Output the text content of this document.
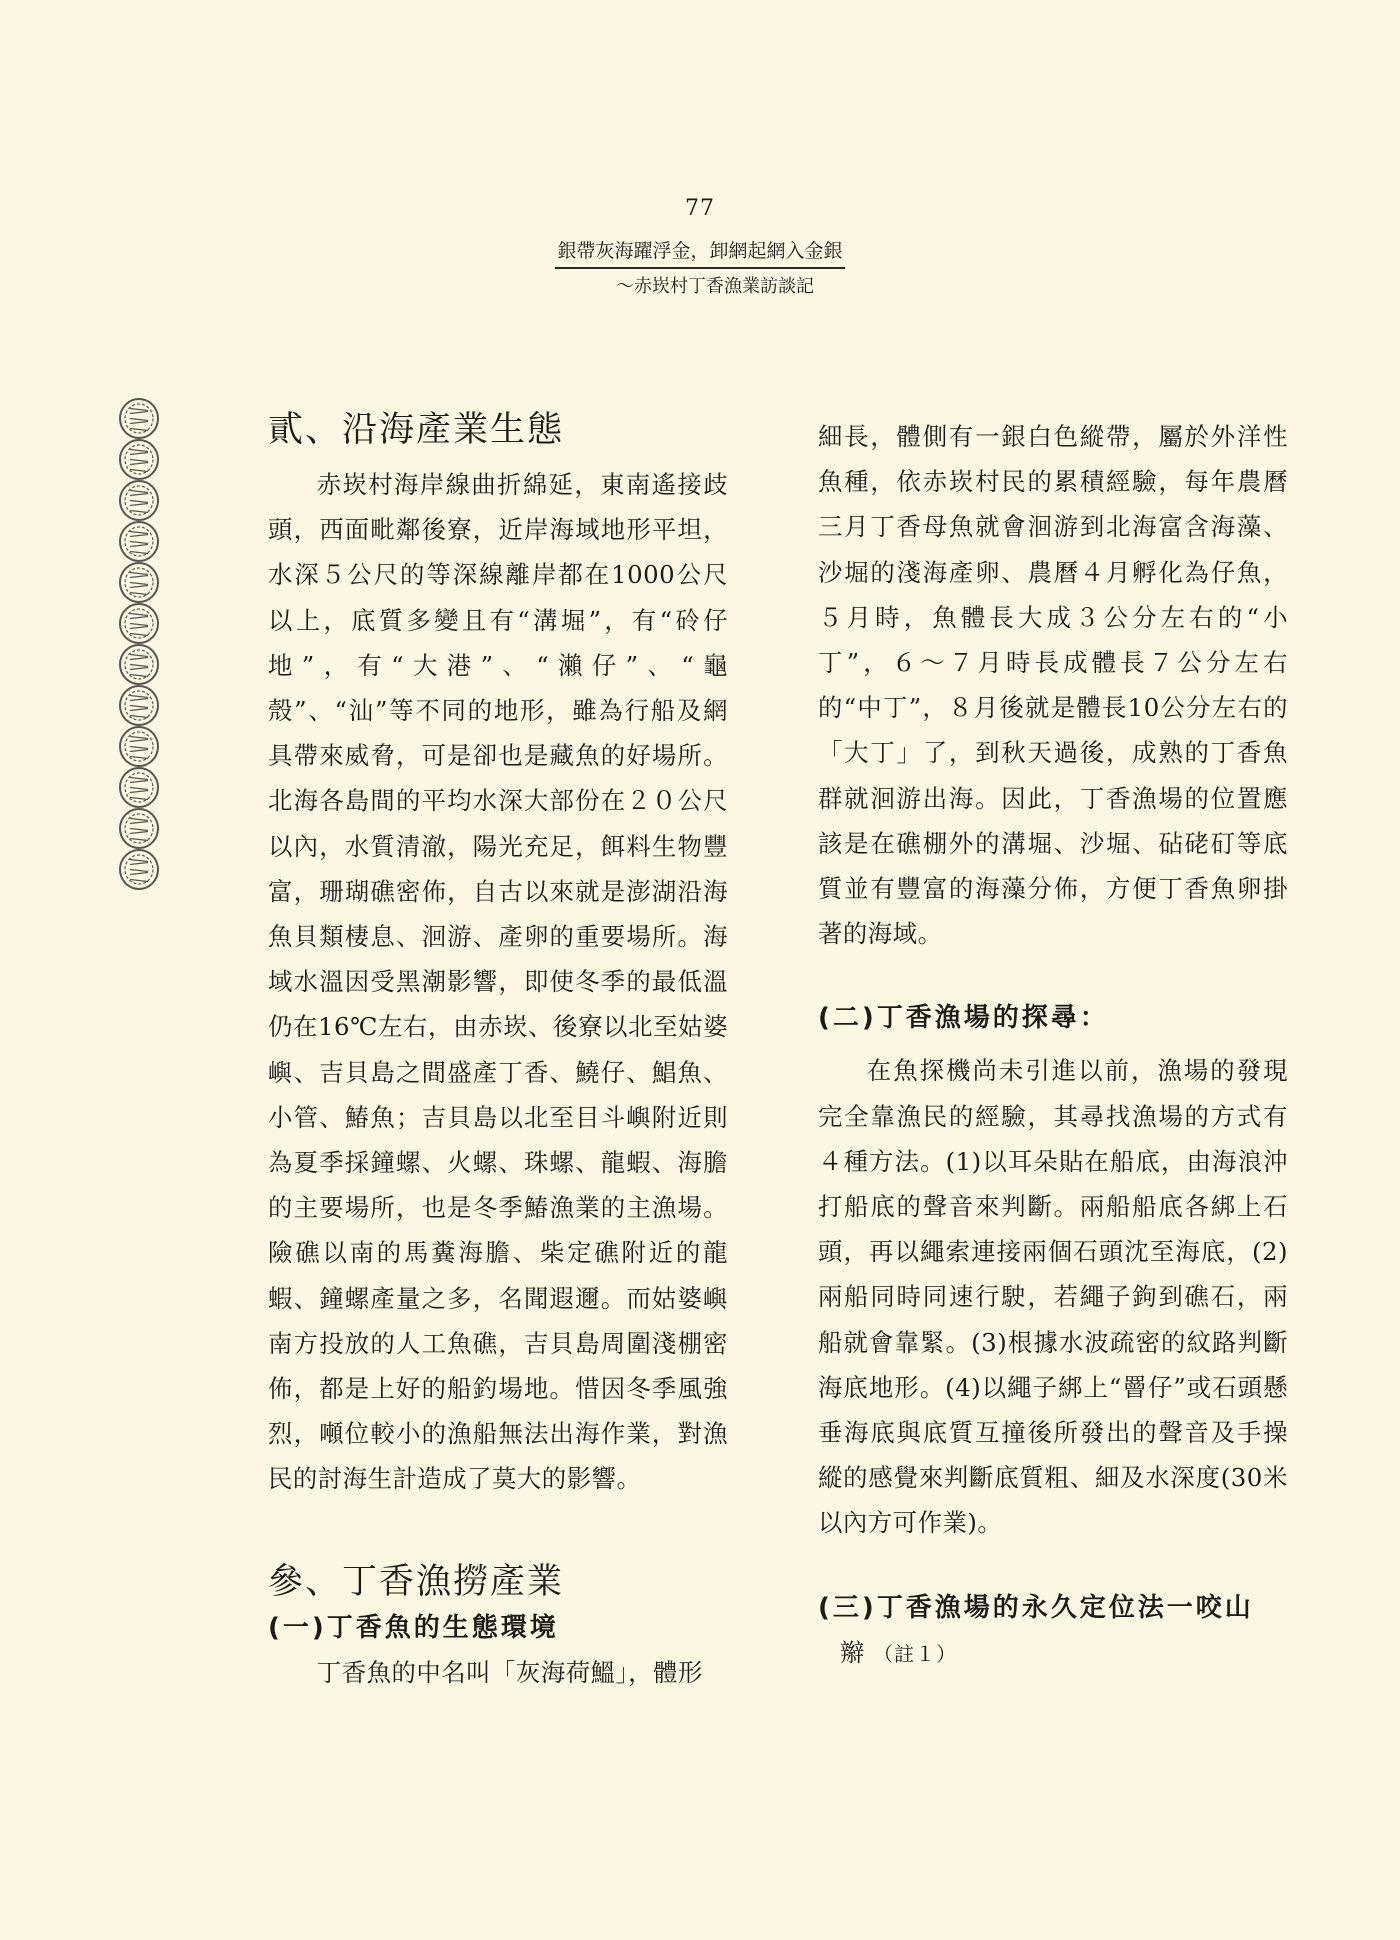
77
銀帶灰海躍浮金，卸網起網入金銀
～赤崁村丁香漁業訪談記
貳、沿海產業生態

赤崁村海岸線曲折綿延，東南遙接歧頭，西面毗鄰後寮，近岸海域地形平坦，水深５公尺的等深線離岸都在1000公尺以上，底質多變且有“溝堀”，有“砱仔地”，有“大港”、“瀨仔”、“龜殼”、“汕”等不同的地形，雖為行船及網具帶來威脅，可是卻也是藏魚的好場所。北海各島間的平均水深大部份在２０公尺以內，水質清澈，陽光充足，餌料生物豐富，珊瑚礁密佈，自古以來就是澎湖沿海魚貝類棲息、洄游、產卵的重要場所。海域水溫因受黑潮影響，即使冬季的最低溫仍在16℃左右，由赤崁、後寮以北至姑婆嶼、吉貝島之間盛產丁香、鱙仔、鯧魚、小管、鰆魚；吉貝島以北至目斗嶼附近則為夏季採鐘螺、火螺、珠螺、龍蝦、海膽的主要場所，也是冬季鰆漁業的主漁場。險礁以南的馬糞海膽、柴定礁附近的龍蝦、鐘螺產量之多，名聞遐邇。而姑婆嶼南方投放的人工魚礁，吉貝島周圍淺棚密佈，都是上好的船釣場地。惜因冬季風強烈，噸位較小的漁船無法出海作業，對漁民的討海生計造成了莫大的影響。

參、丁香漁撈產業
(一)丁香魚的生態環境

丁香魚的中名叫「灰海荷鰮」，體形

細長，體側有一銀白色縱帶，屬於外洋性魚種，依赤崁村民的累積經驗，每年農曆三月丁香母魚就會洄游到北海富含海藻、沙堀的淺海產卵、農曆４月孵化為仔魚，５月時，魚體長大成３公分左右的“小丁”，６～７月時長成體長７公分左右的“中丁”，８月後就是體長10公分左右的「大丁」了，到秋天過後，成熟的丁香魚群就洄游出海。因此，丁香漁場的位置應該是在礁棚外的溝堀、沙堀、砧硓矴等底質並有豐富的海藻分佈，方便丁香魚卵掛著的海域。

(二)丁香漁場的探尋：

在魚探機尚未引進以前，漁場的發現完全靠漁民的經驗，其尋找漁場的方式有４種方法。(1)以耳朵貼在船底，由海浪沖打船底的聲音來判斷。兩船船底各綁上石頭，再以繩索連接兩個石頭沈至海底，(2)兩船同時同速行駛，若繩子鉤到礁石，兩船就會靠緊。(3)根據水波疏密的紋路判斷海底地形。(4)以繩子綁上“罾仔”或石頭懸垂海底與底質互撞後所發出的聲音及手操縱的感覺來判斷底質粗、細及水深度(30米以內方可作業)。

(三)丁香漁場的永久定位法一咬山

辮 （註１）
